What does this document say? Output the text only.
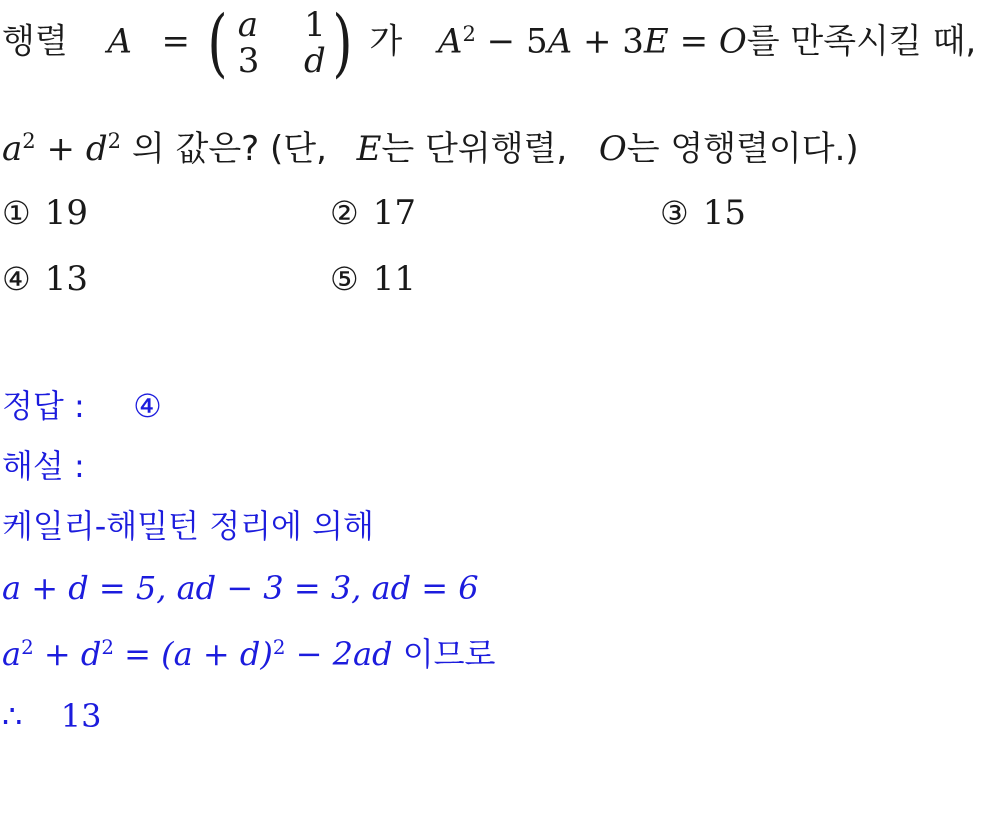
행렬 A = ( a	1
3	d ) 가 $A^2 - 5A + 3E = O$를 만족시킬 때,
$a^2 + d^2$ 의 값은? (단, E는 단위행렬, O는 영행렬이다.)
① 19	② 17	③ 15
④ 13	⑤ 11
정답 : ④
해설 :
케일리-해밀턴 정리에 의해
a + d = 5, ad − 3 = 3, ad = 6
$a^2 + d^2 = (a + d)^2 - 2ad$ 이므로
∴ 13
